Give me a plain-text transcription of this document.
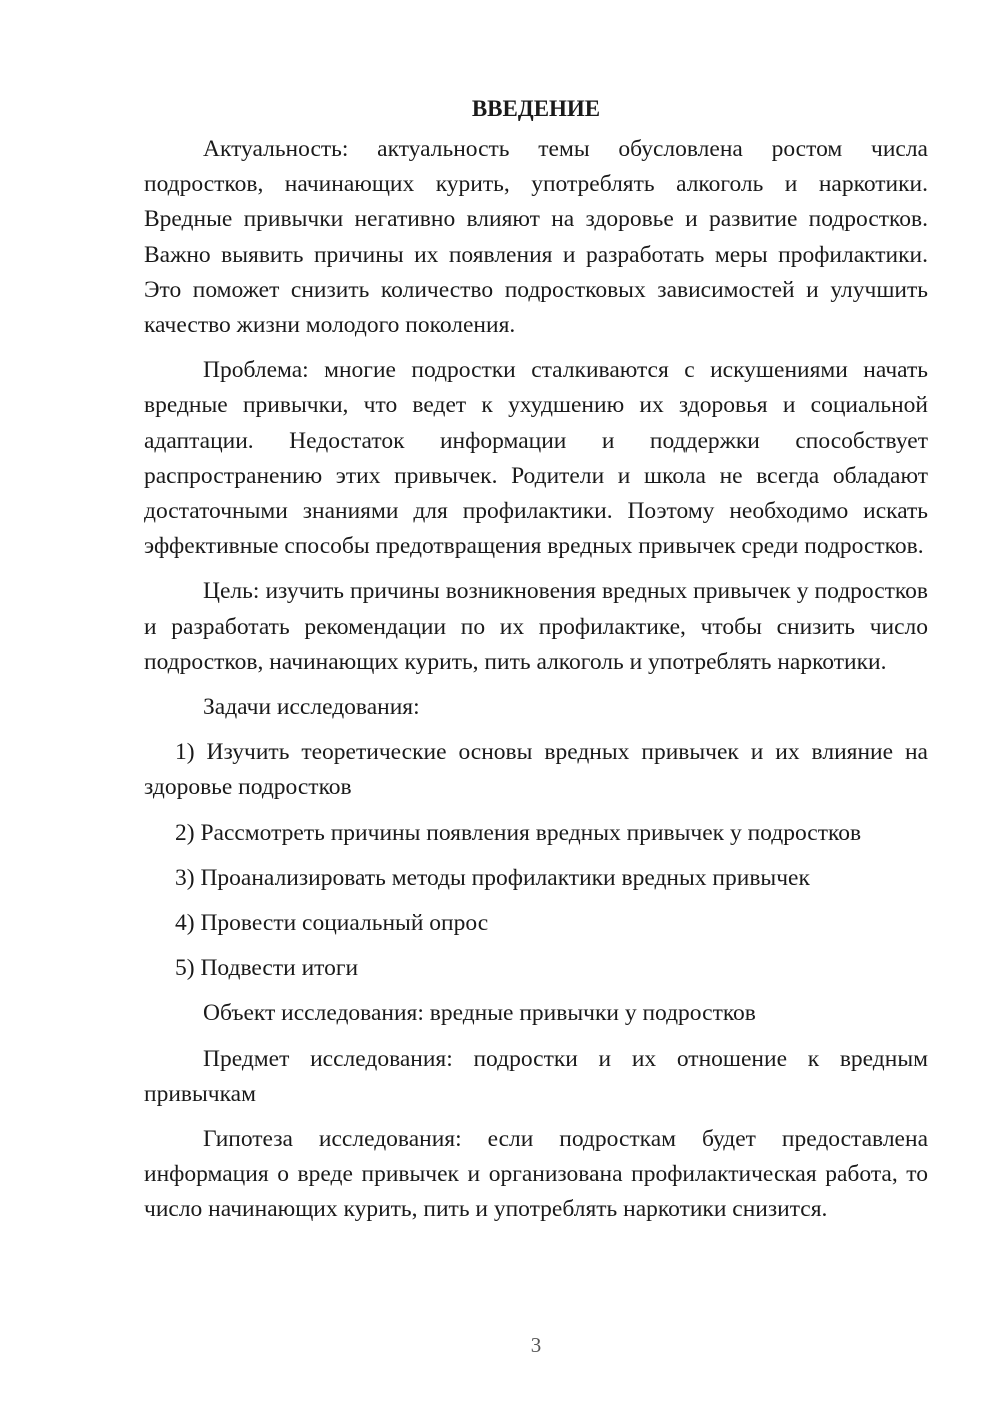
ВВЕДЕНИЕ

Актуальность: актуальность темы обусловлена ростом числа подростков, начинающих курить, употреблять алкоголь и наркотики. Вредные привычки негативно влияют на здоровье и развитие подростков. Важно выявить причины их появления и разработать меры профилактики. Это поможет снизить количество подростковых зависимостей и улучшить качество жизни молодого поколения.

Проблема: многие подростки сталкиваются с искушениями начать вредные привычки, что ведет к ухудшению их здоровья и социальной адаптации. Недостаток информации и поддержки способствует распространению этих привычек. Родители и школа не всегда обладают достаточными знаниями для профилактики. Поэтому необходимо искать эффективные способы предотвращения вредных привычек среди подростков.

Цель: изучить причины возникновения вредных привычек у подростков и разработать рекомендации по их профилактике, чтобы снизить число подростков, начинающих курить, пить алкоголь и употреблять наркотики.

Задачи исследования:

1) Изучить теоретические основы вредных привычек и их влияние на здоровье подростков

2) Рассмотреть причины появления вредных привычек у подростков

3) Проанализировать методы профилактики вредных привычек

4) Провести социальный опрос

5) Подвести итоги

Объект исследования: вредные привычки у подростков

Предмет исследования: подростки и их отношение к вредным привычкам

Гипотеза исследования: если подросткам будет предоставлена информация о вреде привычек и организована профилактическая работа, то число начинающих курить, пить и употреблять наркотики снизится.

3
